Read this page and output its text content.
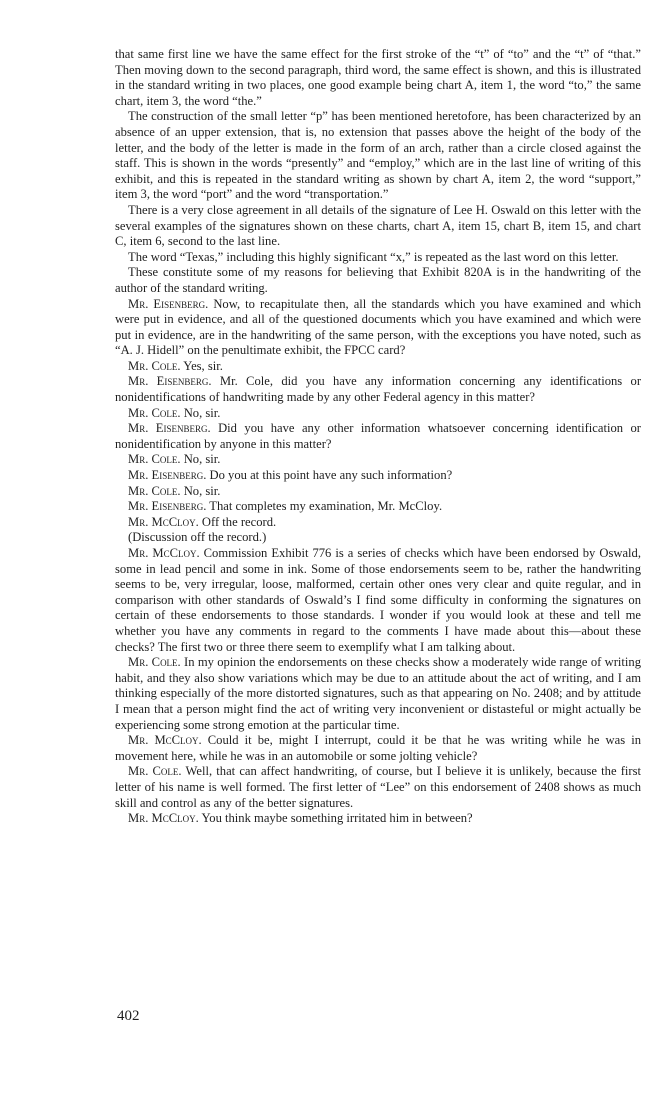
that same first line we have the same effect for the first stroke of the “t” of “to” and the “t” of “that.” Then moving down to the second paragraph, third word, the same effect is shown, and this is illustrated in the standard writing in two places, one good example being chart A, item 1, the word “to,” the same chart, item 3, the word “the.”

The construction of the small letter “p” has been mentioned heretofore, has been characterized by an absence of an upper extension, that is, no extension that passes above the height of the body of the letter, and the body of the letter is made in the form of an arch, rather than a circle closed against the staff. This is shown in the words “presently” and “employ,” which are in the last line of writing of this exhibit, and this is repeated in the standard writing as shown by chart A, item 2, the word “support,” item 3, the word “port” and the word “transportation.”

There is a very close agreement in all details of the signature of Lee H. Oswald on this letter with the several examples of the signatures shown on these charts, chart A, item 15, chart B, item 15, and chart C, item 6, second to the last line.

The word “Texas,” including this highly significant “x,” is repeated as the last word on this letter.

These constitute some of my reasons for believing that Exhibit 820A is in the handwriting of the author of the standard writing.

Mr. Eisenberg. Now, to recapitulate then, all the standards which you have examined and which were put in evidence, and all of the questioned documents which you have examined and which were put in evidence, are in the handwriting of the same person, with the exceptions you have noted, such as “A. J. Hidell” on the penultimate exhibit, the FPCC card?

Mr. Cole. Yes, sir.

Mr. Eisenberg. Mr. Cole, did you have any information concerning any identifications or nonidentifications of handwriting made by any other Federal agency in this matter?

Mr. Cole. No, sir.

Mr. Eisenberg. Did you have any other information whatsoever concerning identification or nonidentification by anyone in this matter?

Mr. Cole. No, sir.

Mr. Eisenberg. Do you at this point have any such information?

Mr. Cole. No, sir.

Mr. Eisenberg. That completes my examination, Mr. McCloy.

Mr. McCloy. Off the record.

(Discussion off the record.)

Mr. McCloy. Commission Exhibit 776 is a series of checks which have been endorsed by Oswald, some in lead pencil and some in ink. Some of those endorsements seem to be, rather the handwriting seems to be, very irregular, loose, malformed, certain other ones very clear and quite regular, and in comparison with other standards of Oswald’s I find some difficulty in conforming the signatures on certain of these endorsements to those standards. I wonder if you would look at these and tell me whether you have any comments in regard to the comments I have made about this—about these checks? The first two or three there seem to exemplify what I am talking about.

Mr. Cole. In my opinion the endorsements on these checks show a moderately wide range of writing habit, and they also show variations which may be due to an attitude about the act of writing, and I am thinking especially of the more distorted signatures, such as that appearing on No. 2408; and by attitude I mean that a person might find the act of writing very inconvenient or distasteful or might actually be experiencing some strong emotion at the particular time.

Mr. McCloy. Could it be, might I interrupt, could it be that he was writing while he was in movement here, while he was in an automobile or some jolting vehicle?

Mr. Cole. Well, that can affect handwriting, of course, but I believe it is unlikely, because the first letter of his name is well formed. The first letter of “Lee” on this endorsement of 2408 shows as much skill and control as any of the better signatures.

Mr. McCloy. You think maybe something irritated him in between?

402
